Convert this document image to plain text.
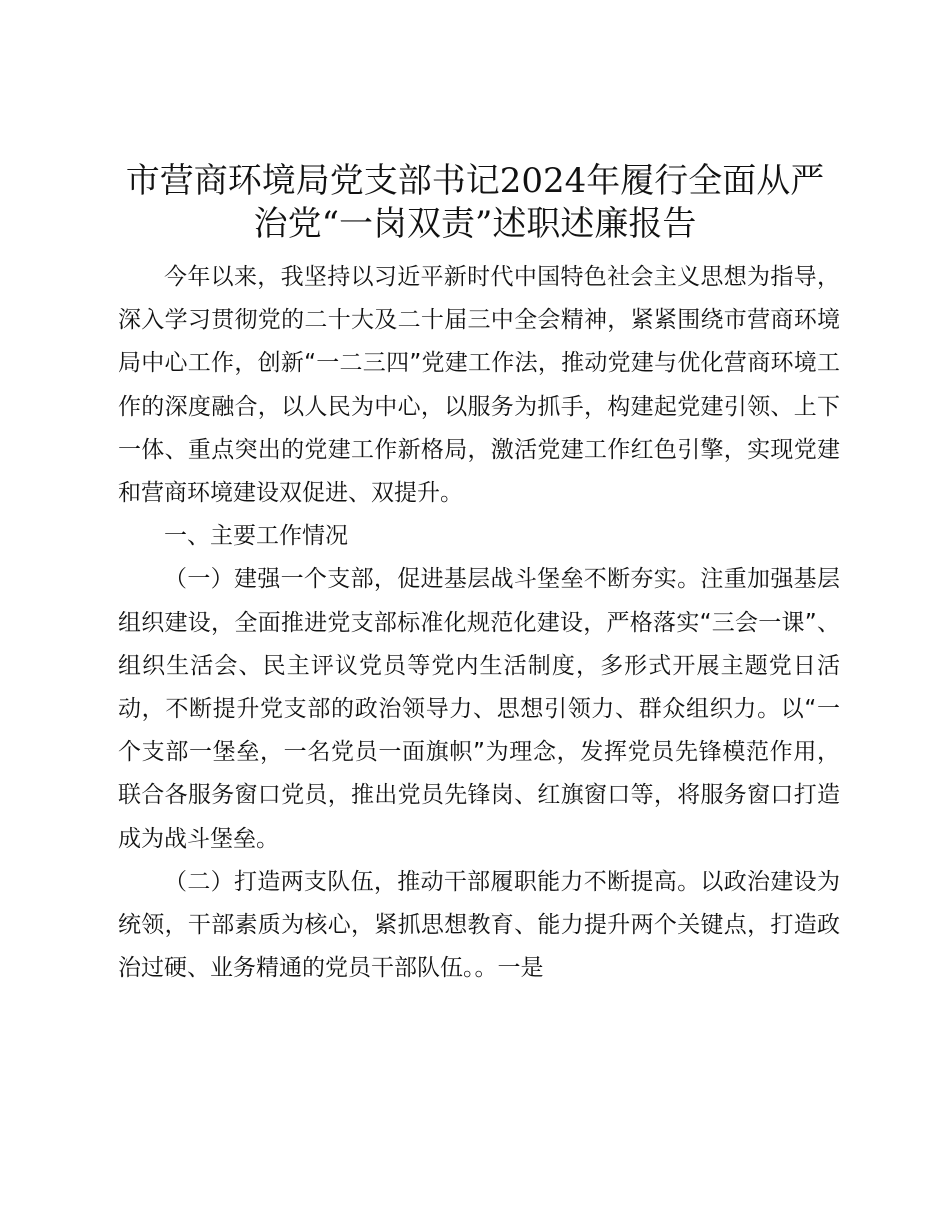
市营商环境局党支部书记2024年履行全面从严
治党“一岗双责”述职述廉报告

今年以来，我坚持以习近平新时代中国特色社会主义思想为指导，深入学习贯彻党的二十大及二十届三中全会精神，紧紧围绕市营商环境局中心工作，创新“一二三四”党建工作法，推动党建与优化营商环境工作的深度融合，以人民为中心，以服务为抓手，构建起党建引领、上下一体、重点突出的党建工作新格局，激活党建工作红色引擎，实现党建和营商环境建设双促进、双提升。

一、主要工作情况

（一）建强一个支部，促进基层战斗堡垒不断夯实。注重加强基层组织建设，全面推进党支部标准化规范化建设，严格落实“三会一课”、组织生活会、民主评议党员等党内生活制度，多形式开展主题党日活动，不断提升党支部的政治领导力、思想引领力、群众组织力。以“一个支部一堡垒，一名党员一面旗帜”为理念，发挥党员先锋模范作用，联合各服务窗口党员，推出党员先锋岗、红旗窗口等，将服务窗口打造成为战斗堡垒。

（二）打造两支队伍，推动干部履职能力不断提高。以政治建设为统领，干部素质为核心，紧抓思想教育、能力提升两个关键点，打造政治过硬、业务精通的党员干部队伍。。一是
